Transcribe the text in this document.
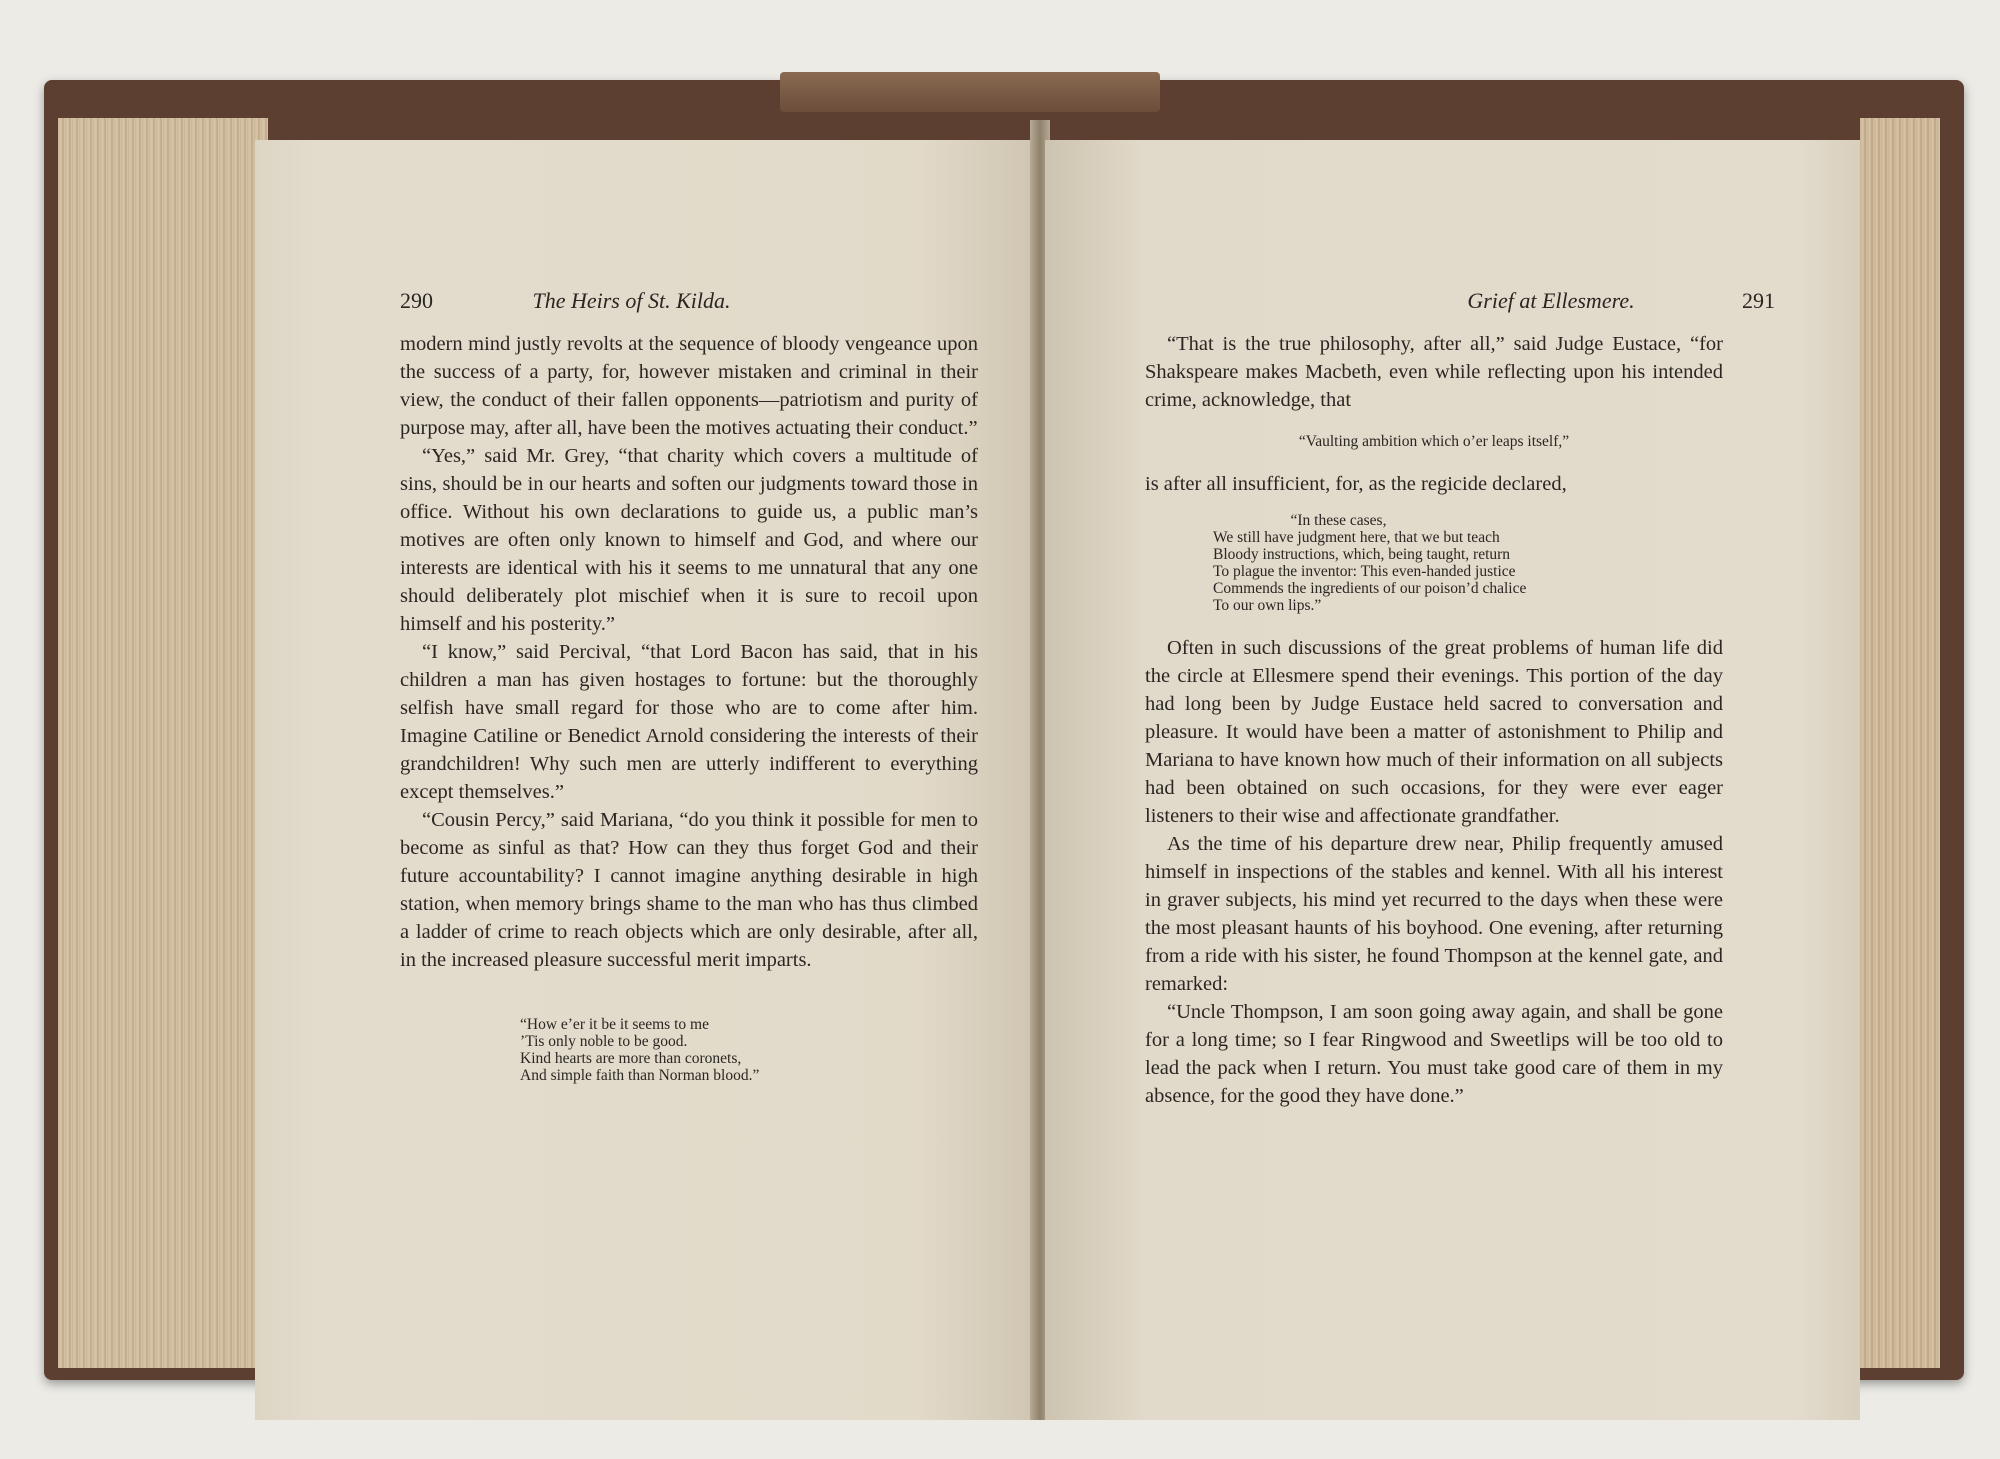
290	The Heirs of St. Kilda.

modern mind justly revolts at the sequence of bloody vengeance upon the success of a party, for, however mistaken and criminal in their view, the conduct of their fallen opponents—patriotism and purity of purpose may, after all, have been the motives actuating their conduct.”

“Yes,” said Mr. Grey, “that charity which covers a multitude of sins, should be in our hearts and soften our judgments toward those in office. Without his own declarations to guide us, a public man’s motives are often only known to himself and God, and where our interests are identical with his it seems to me unnatural that any one should deliberately plot mischief when it is sure to recoil upon himself and his posterity.”

“I know,” said Percival, “that Lord Bacon has said, that in his children a man has given hostages to fortune: but the thoroughly selfish have small regard for those who are to come after him. Imagine Catiline or Benedict Arnold considering the interests of their grandchildren! Why such men are utterly indifferent to everything except themselves.”

“Cousin Percy,” said Mariana, “do you think it possible for men to become as sinful as that? How can they thus forget God and their future accountability? I cannot imagine anything desirable in high station, when memory brings shame to the man who has thus climbed a ladder of crime to reach objects which are only desirable, after all, in the increased pleasure successful merit imparts.

“How e’er it be it seems to me
’Tis only noble to be good.
Kind hearts are more than coronets,
And simple faith than Norman blood.”
Grief at Ellesmere.	291

“That is the true philosophy, after all,” said Judge Eustace, “for Shakspeare makes Macbeth, even while reflecting upon his intended crime, acknowledge, that

“Vaulting ambition which o’er leaps itself,”

is after all insufficient, for, as the regicide declared,

“In these cases,
We still have judgment here, that we but teach
Bloody instructions, which, being taught, return
To plague the inventor: This even-handed justice
Commends the ingredients of our poison’d chalice
To our own lips.”

Often in such discussions of the great problems of human life did the circle at Ellesmere spend their evenings. This portion of the day had long been by Judge Eustace held sacred to conversation and pleasure. It would have been a matter of astonishment to Philip and Mariana to have known how much of their information on all subjects had been obtained on such occasions, for they were ever eager listeners to their wise and affectionate grandfather.

As the time of his departure drew near, Philip frequently amused himself in inspections of the stables and kennel. With all his interest in graver subjects, his mind yet recurred to the days when these were the most pleasant haunts of his boyhood. One evening, after returning from a ride with his sister, he found Thompson at the kennel gate, and remarked:

“Uncle Thompson, I am soon going away again, and shall be gone for a long time; so I fear Ringwood and Sweetlips will be too old to lead the pack when I return. You must take good care of them in my absence, for the good they have done.”
